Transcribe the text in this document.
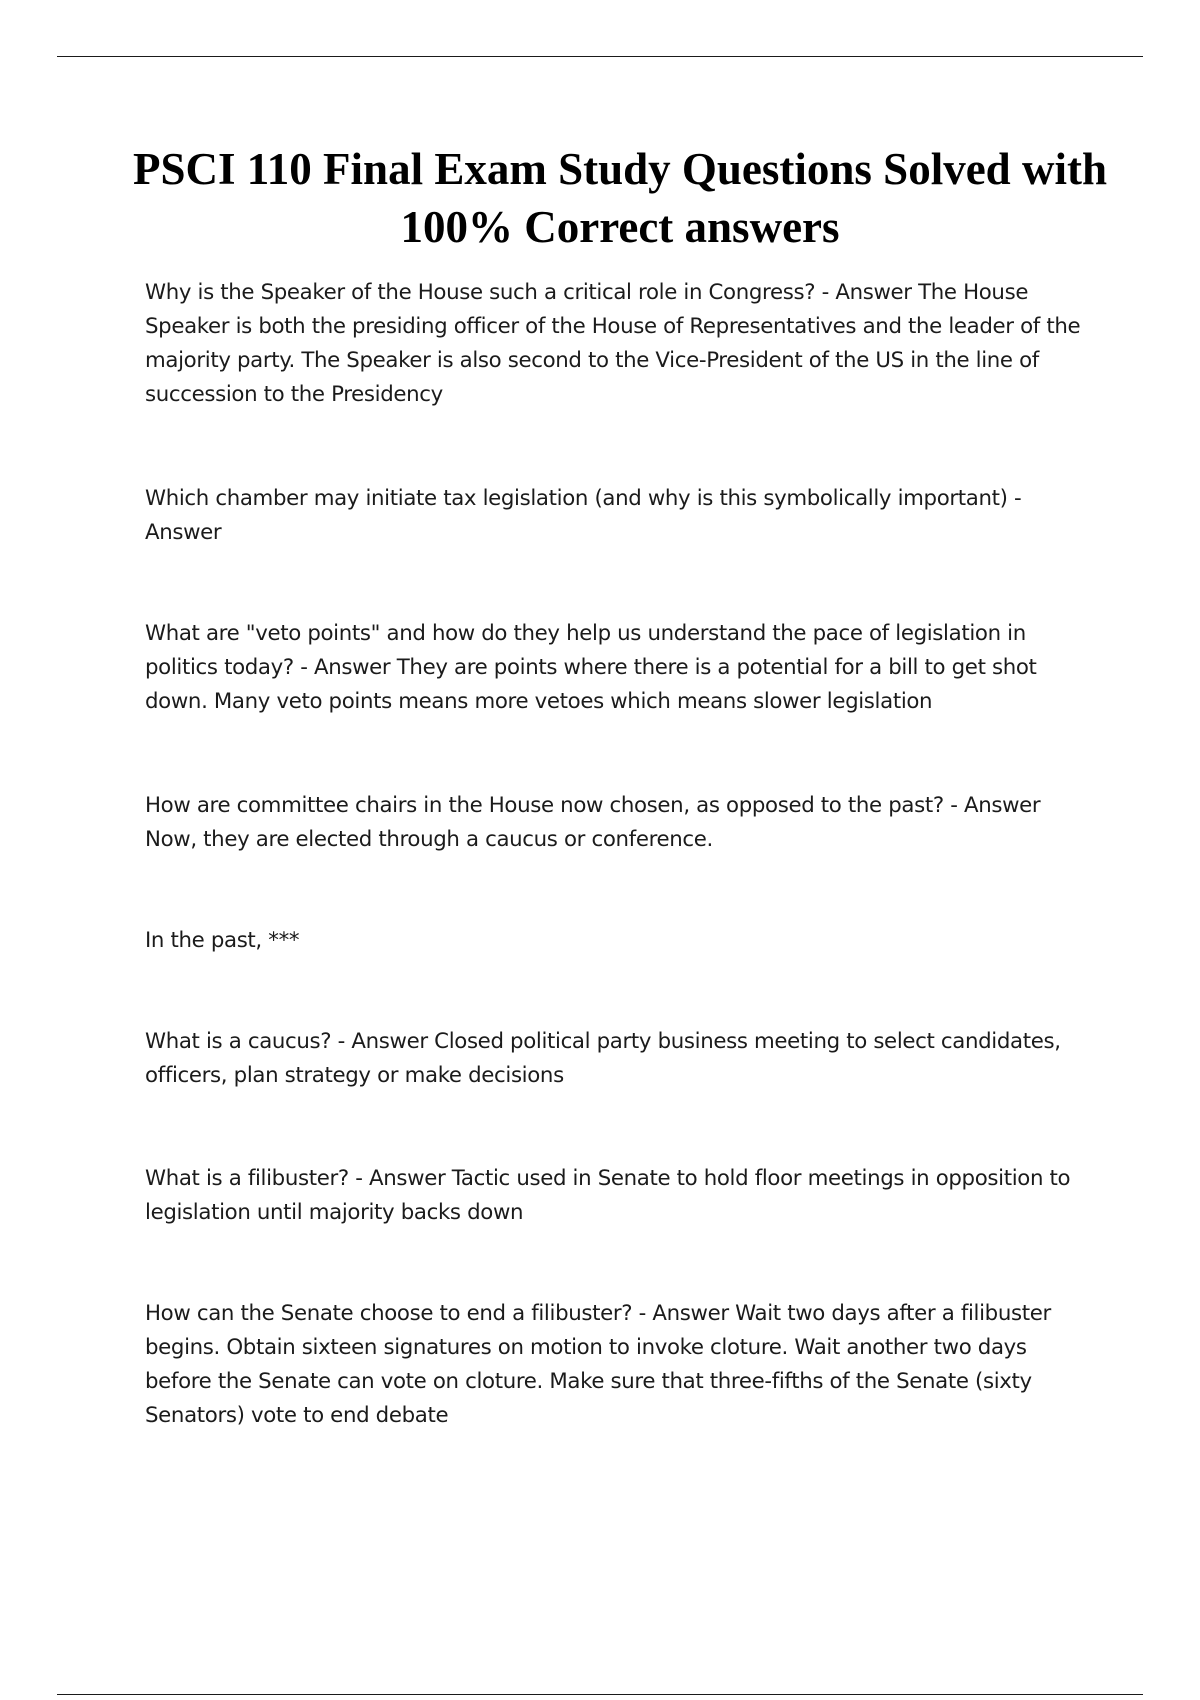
PSCI 110 Final Exam Study Questions Solved with 100% Correct answers

Why is the Speaker of the House such a critical role in Congress? - Answer The House Speaker is both the presiding officer of the House of Representatives and the leader of the majority party. The Speaker is also second to the Vice-President of the US in the line of succession to the Presidency

Which chamber may initiate tax legislation (and why is this symbolically important) - Answer

What are "veto points" and how do they help us understand the pace of legislation in politics today? - Answer They are points where there is a potential for a bill to get shot down. Many veto points means more vetoes which means slower legislation

How are committee chairs in the House now chosen, as opposed to the past? - Answer Now, they are elected through a caucus or conference.

In the past, ***

What is a caucus? - Answer Closed political party business meeting to select candidates, officers, plan strategy or make decisions

What is a filibuster? - Answer Tactic used in Senate to hold floor meetings in opposition to legislation until majority backs down

How can the Senate choose to end a filibuster? - Answer Wait two days after a filibuster begins. Obtain sixteen signatures on motion to invoke cloture. Wait another two days before the Senate can vote on cloture. Make sure that three-fifths of the Senate (sixty Senators) vote to end debate
